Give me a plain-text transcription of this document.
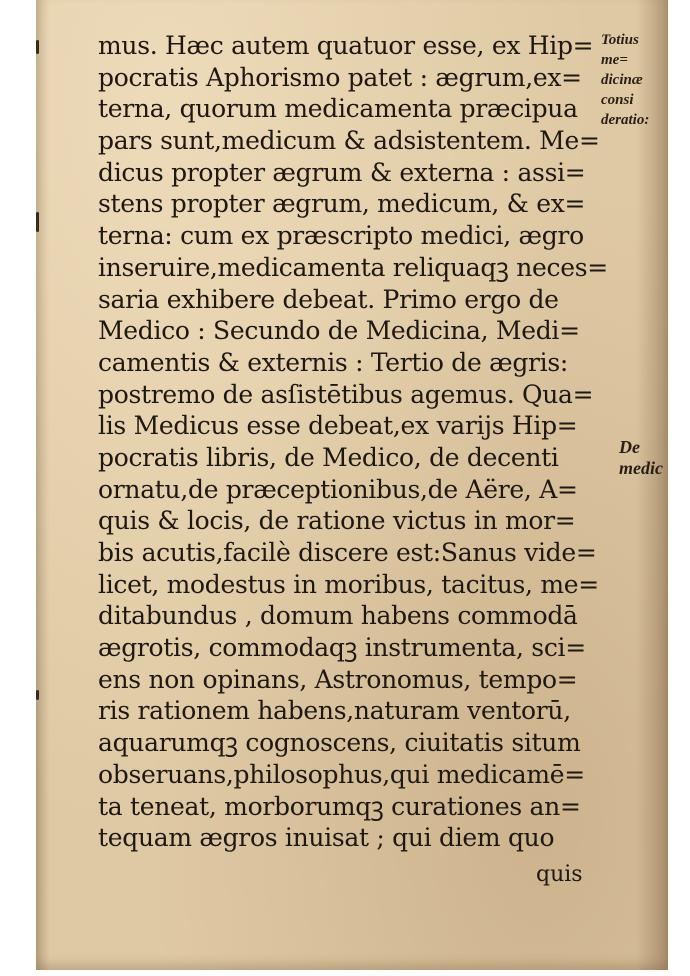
mus. Hæc autem quatuor esse, ex Hip=
pocratis Aphorismo patet : ægrum,ex=
terna, quorum medicamenta præcipua
pars sunt,medicum & adsistentem. Me=
dicus propter ægrum & externa : assi=
stens propter ægrum, medicum, & ex=
terna: cum ex præscripto medici, ægro
inseruire,medicamenta reliquaqꝫ neces=
saria exhibere debeat. Primo ergo de
Medico : Secundo de Medicina, Medi=
camentis & externis : Tertio de ægris:
postremo de asſistētibus agemus. Qua=
lis Medicus esse debeat,ex varijs Hip=
pocratis libris, de Medico, de decenti
ornatu,de præceptionibus,de Aëre, A=
quis & locis, de ratione victus in mor=
bis acutis,facilè discere est:Sanus vide=
licet, modestus in moribus, tacitus, me=
ditabundus , domum habens commodā
ægrotis, commodaqꝫ instrumenta, sci=
ens non opinans, Astronomus, tempo=
ris rationem habens,naturam ventorū,
aquarumqꝫ cognoscens, ciuitatis situm
obseruans,philosophus,qui medicamē=
ta teneat, morborumqꝫ curationes an=
tequam ægros inuisat ; qui diem quo
quis
Totius me=
dicinæ consi
deratio:
De medic
